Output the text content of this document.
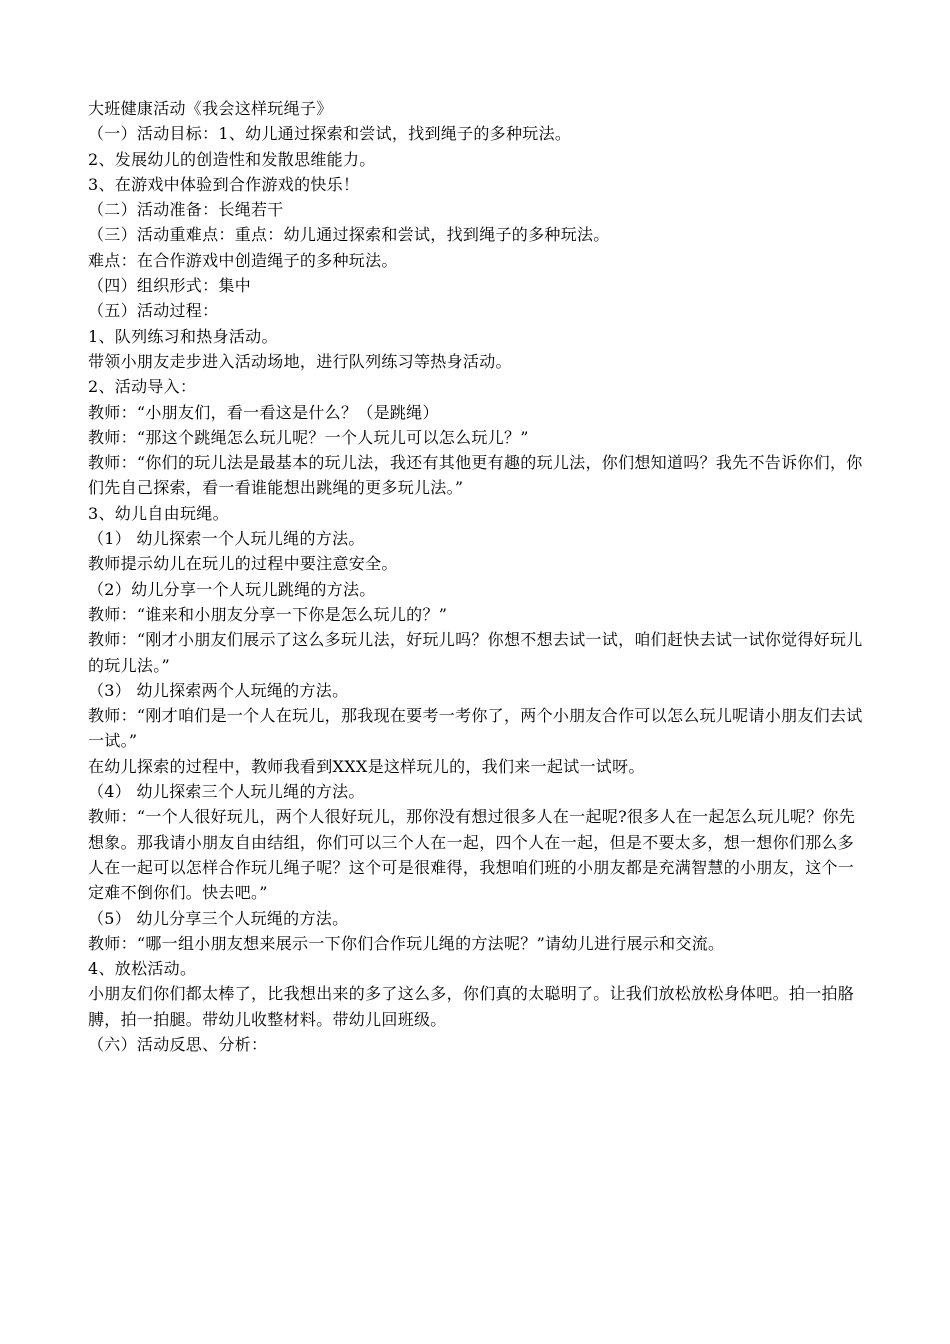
大班健康活动《我会这样玩绳子》

（一）活动目标：1、幼儿通过探索和尝试，找到绳子的多种玩法。

2、发展幼儿的创造性和发散思维能力。

3、在游戏中体验到合作游戏的快乐！

（二）活动准备：长绳若干

（三）活动重难点：重点：幼儿通过探索和尝试，找到绳子的多种玩法。

难点：在合作游戏中创造绳子的多种玩法。

（四）组织形式：集中

（五）活动过程：

1、队列练习和热身活动。

带领小朋友走步进入活动场地，进行队列练习等热身活动。

2、活动导入：

教师：“小朋友们，看一看这是什么？（是跳绳）

教师：“那这个跳绳怎么玩儿呢？一个人玩儿可以怎么玩儿？”

教师：“你们的玩儿法是最基本的玩儿法，我还有其他更有趣的玩儿法，你们想知道吗？我先不告诉你们，你们先自己探索，看一看谁能想出跳绳的更多玩儿法。”

3、幼儿自由玩绳。

（1） 幼儿探索一个人玩儿绳的方法。

教师提示幼儿在玩儿的过程中要注意安全。

（2）幼儿分享一个人玩儿跳绳的方法。

教师：“谁来和小朋友分享一下你是怎么玩儿的？”

教师：“刚才小朋友们展示了这么多玩儿法，好玩儿吗？你想不想去试一试，咱们赶快去试一试你觉得好玩儿的玩儿法。”

（3） 幼儿探索两个人玩绳的方法。

教师：“刚才咱们是一个人在玩儿，那我现在要考一考你了，两个小朋友合作可以怎么玩儿呢请小朋友们去试一试。”

在幼儿探索的过程中，教师我看到XXX是这样玩儿的，我们来一起试一试呀。

（4） 幼儿探索三个人玩儿绳的方法。

教师：“一个人很好玩儿，两个人很好玩儿，那你没有想过很多人在一起呢?很多人在一起怎么玩儿呢？你先想象。那我请小朋友自由结组，你们可以三个人在一起，四个人在一起，但是不要太多，想一想你们那么多人在一起可以怎样合作玩儿绳子呢？这个可是很难得，我想咱们班的小朋友都是充满智慧的小朋友，这个一定难不倒你们。快去吧。”

（5） 幼儿分享三个人玩绳的方法。

教师：“哪一组小朋友想来展示一下你们合作玩儿绳的方法呢？”请幼儿进行展示和交流。

4、放松活动。

小朋友们你们都太棒了，比我想出来的多了这么多，你们真的太聪明了。让我们放松放松身体吧。拍一拍胳膊，拍一拍腿。带幼儿收整材料。带幼儿回班级。

（六）活动反思、分析：
